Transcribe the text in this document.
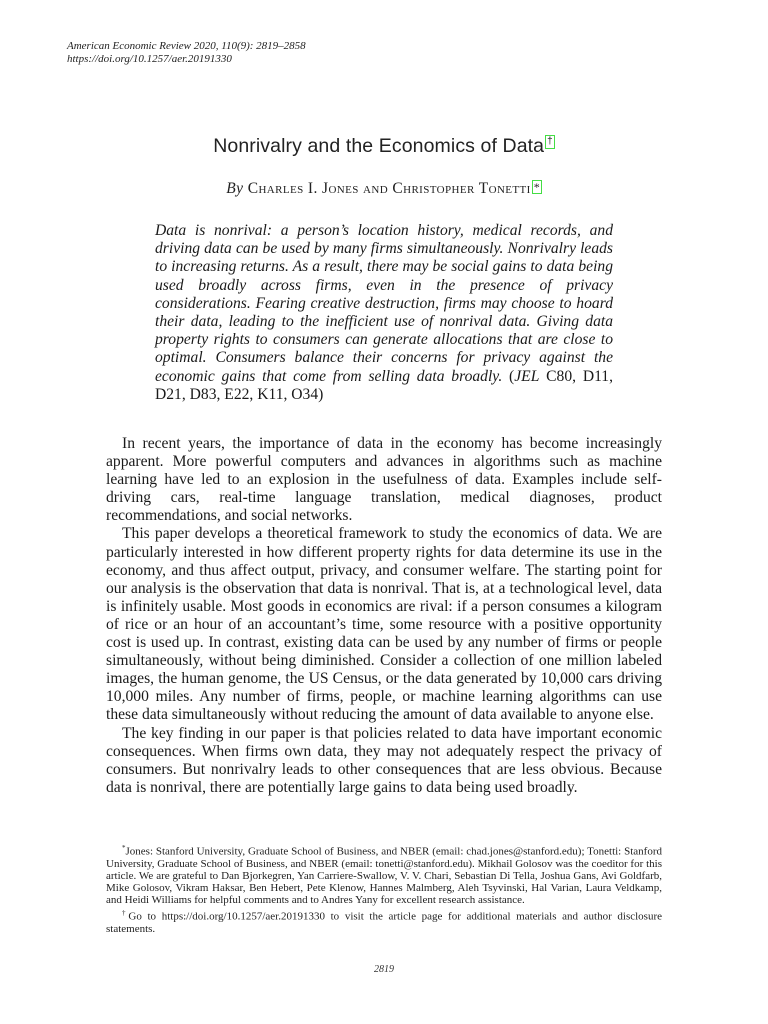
American Economic Review 2020, 110(9): 2819–2858
https://doi.org/10.1257/aer.20191330
Nonrivalry and the Economics of Data †
By Charles I. Jones and Christopher Tonetti *
Data is nonrival: a person’s location history, medical records, and driving data can be used by many firms simultaneously. Nonrivalry leads to increasing returns. As a result, there may be social gains to data being used broadly across firms, even in the presence of privacy considerations. Fearing creative destruction, firms may choose to hoard their data, leading to the inefficient use of nonrival data. Giving data property rights to consumers can generate allocations that are close to optimal. Consumers balance their concerns for privacy against the economic gains that come from selling data broadly. (JEL C80, D11, D21, D83, E22, K11, O34)

In recent years, the importance of data in the economy has become increasingly apparent. More powerful computers and advances in algorithms such as machine learning have led to an explosion in the usefulness of data. Examples include self-driving cars, real-time language translation, medical diagnoses, product recommendations, and social networks.

This paper develops a theoretical framework to study the economics of data. We are particularly interested in how different property rights for data determine its use in the economy, and thus affect output, privacy, and consumer welfare. The starting point for our analysis is the observation that data is nonrival. That is, at a technological level, data is infinitely usable. Most goods in economics are rival: if a person consumes a kilogram of rice or an hour of an accountant’s time, some resource with a positive opportunity cost is used up. In contrast, existing data can be used by any number of firms or people simultaneously, without being diminished. Consider a collection of one million labeled images, the human genome, the US Census, or the data generated by 10,000 cars driving 10,000 miles. Any number of firms, people, or machine learning algorithms can use these data simultaneously without reducing the amount of data available to anyone else.

The key finding in our paper is that policies related to data have important economic consequences. When firms own data, they may not adequately respect the privacy of consumers. But nonrivalry leads to other consequences that are less obvious. Because data is nonrival, there are potentially large gains to data being used broadly.

*Jones: Stanford University, Graduate School of Business, and NBER (email: chad.jones@stanford.edu); Tonetti: Stanford University, Graduate School of Business, and NBER (email: tonetti@stanford.edu). Mikhail Golosov was the coeditor for this article. We are grateful to Dan Bjorkegren, Yan Carriere-Swallow, V. V. Chari, Sebastian Di Tella, Joshua Gans, Avi Goldfarb, Mike Golosov, Vikram Haksar, Ben Hebert, Pete Klenow, Hannes Malmberg, Aleh Tsyvinski, Hal Varian, Laura Veldkamp, and Heidi Williams for helpful comments and to Andres Yany for excellent research assistance.

†Go to https://doi.org/10.1257/aer.20191330 to visit the article page for additional materials and author disclosure statements.

2819
